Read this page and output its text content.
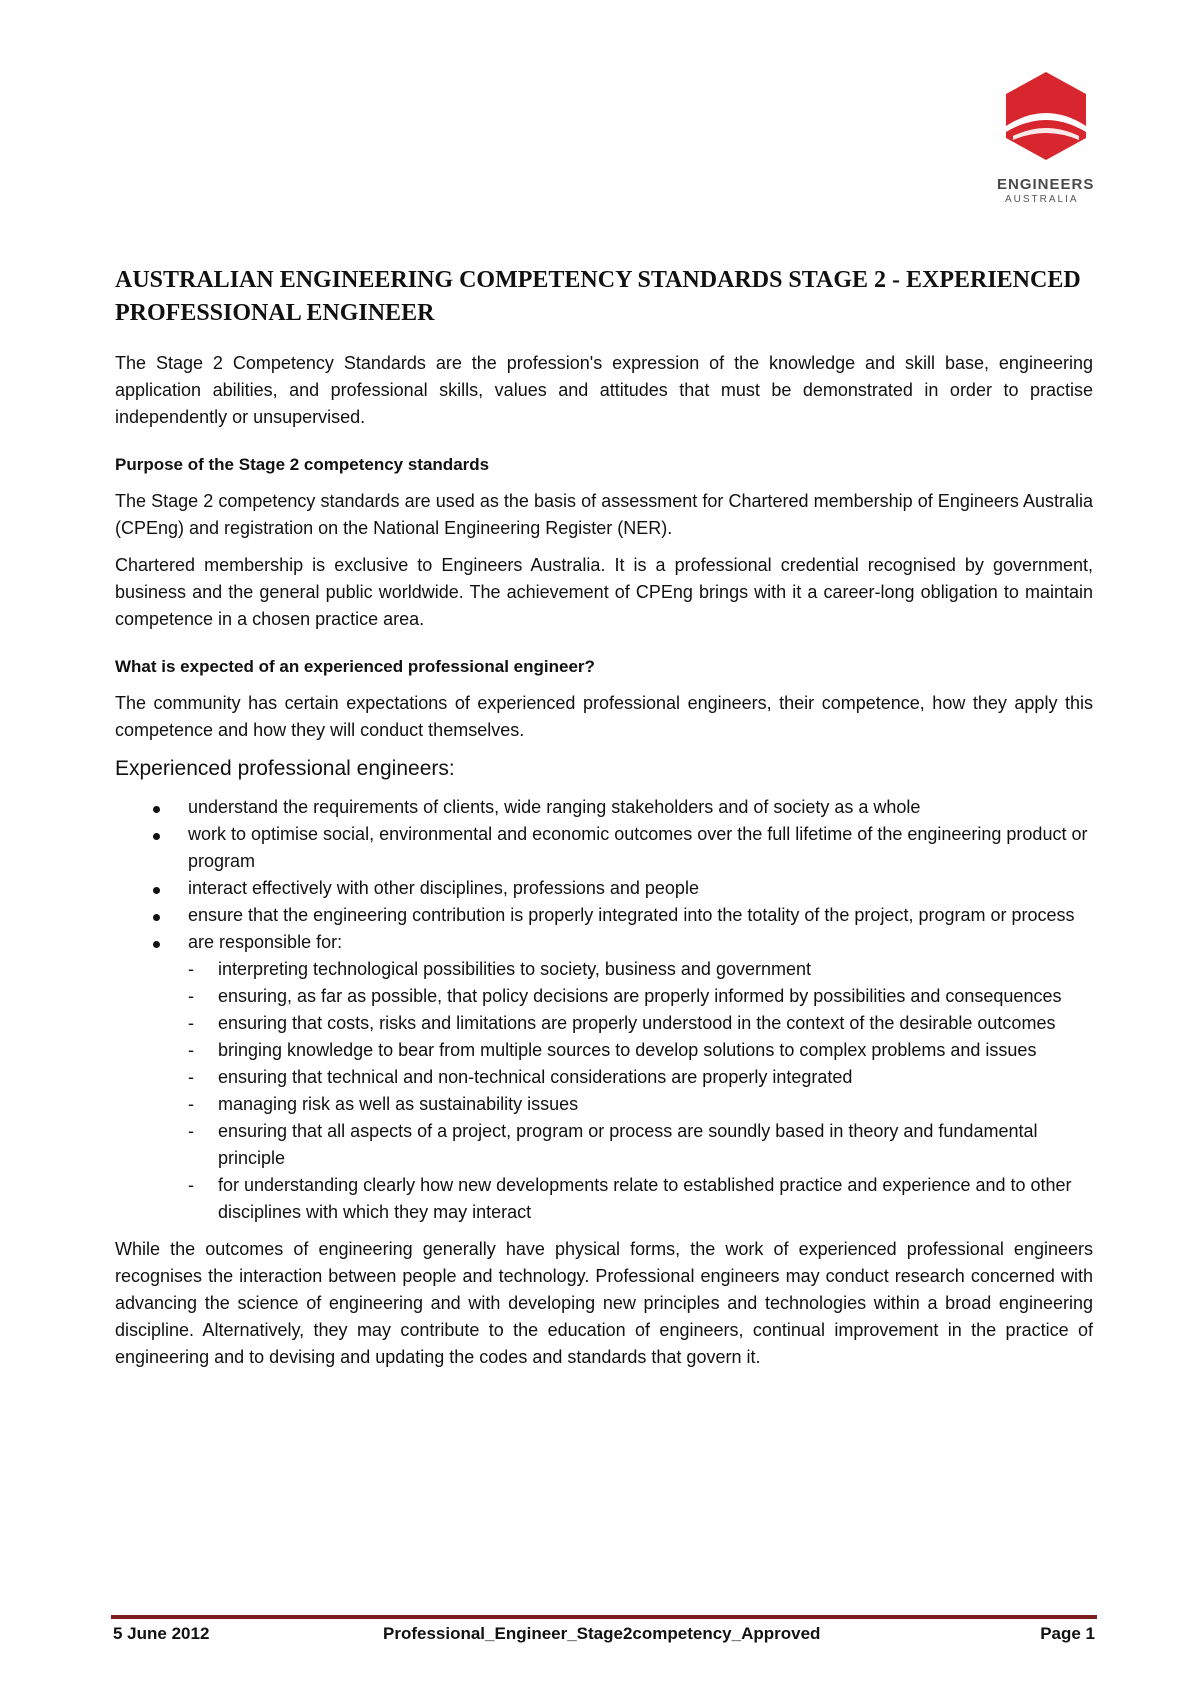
ENGINEERS
AUSTRALIA
AUSTRALIAN ENGINEERING COMPETENCY STANDARDS STAGE 2 - EXPERIENCED PROFESSIONAL ENGINEER

The Stage 2 Competency Standards are the profession's expression of the knowledge and skill base, engineering application abilities, and professional skills, values and attitudes that must be demonstrated in order to practise independently or unsupervised.

Purpose of the Stage 2 competency standards

The Stage 2 competency standards are used as the basis of assessment for Chartered membership of Engineers Australia (CPEng) and registration on the National Engineering Register (NER).

Chartered membership is exclusive to Engineers Australia. It is a professional credential recognised by government, business and the general public worldwide. The achievement of CPEng brings with it a career-long obligation to maintain competence in a chosen practice area.

What is expected of an experienced professional engineer?

The community has certain expectations of experienced professional engineers, their competence, how they apply this competence and how they will conduct themselves.

Experienced professional engineers:
understand the requirements of clients, wide ranging stakeholders and of society as a whole
work to optimise social, environmental and economic outcomes over the full lifetime of the engineering product or program
interact effectively with other disciplines, professions and people
ensure that the engineering contribution is properly integrated into the totality of the project, program or process
are responsible for:
- interpreting technological possibilities to society, business and government
- ensuring, as far as possible, that policy decisions are properly informed by possibilities and consequences
- ensuring that costs, risks and limitations are properly understood in the context of the desirable outcomes
- bringing knowledge to bear from multiple sources to develop solutions to complex problems and issues
- ensuring that technical and non-technical considerations are properly integrated
- managing risk as well as sustainability issues
- ensuring that all aspects of a project, program or process are soundly based in theory and fundamental principle
- for understanding clearly how new developments relate to established practice and experience and to other disciplines with which they may interact

While the outcomes of engineering generally have physical forms, the work of experienced professional engineers recognises the interaction between people and technology. Professional engineers may conduct research concerned with advancing the science of engineering and with developing new principles and technologies within a broad engineering discipline. Alternatively, they may contribute to the education of engineers, continual improvement in the practice of engineering and to devising and updating the codes and standards that govern it.

5 June 2012	Professional_Engineer_Stage2competency_Approved	Page 1
